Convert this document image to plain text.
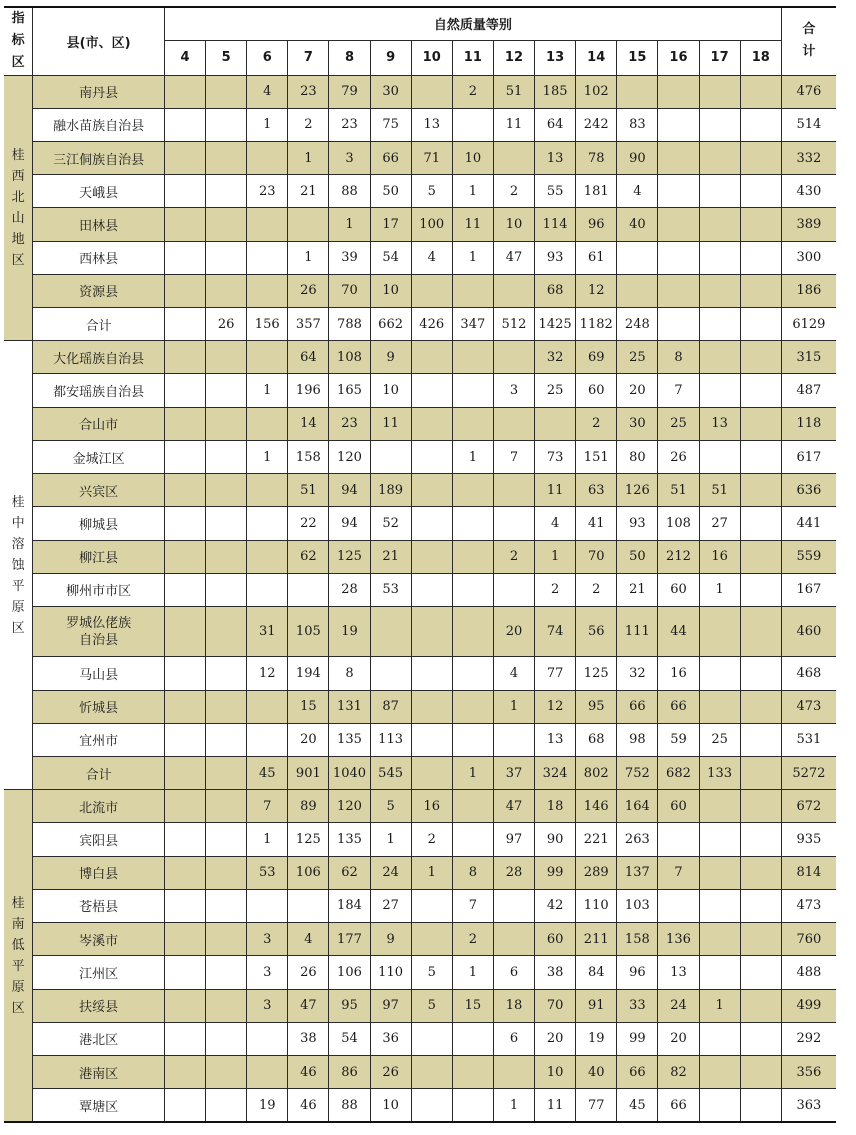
指标区	县(市、区)	自然质量等别															合计

		4	5	6	7	8	9	10	11	12	13	14	15	16	17	18	

桂西北山地区	南丹县			4	23	79	30		2	51	185	102					476
	融水苗族自治县			1	2	23	75	13		11	64	242	83				514
	三江侗族自治县				1	3	66	71	10		13	78	90				332
	天峨县			23	21	88	50	5	1	2	55	181	4				430
	田林县					1	17	100	11	10	114	96	40				389
	西林县				1	39	54	4	1	47	93	61					300
	资源县				26	70	10				68	12					186
	合计		26	156	357	788	662	426	347	512	1425	1182	248				6129

桂中溶蚀平原区	大化瑶族自治县				64	108	9				32	69	25	8			315
	都安瑶族自治县			1	196	165	10			3	25	60	20	7			487
	合山市				14	23	11					2	30	25	13		118
	金城江区			1	158	120			1	7	73	151	80	26			617
	兴宾区				51	94	189				11	63	126	51	51		636
	柳城县				22	94	52				4	41	93	108	27		441
	柳江县				62	125	21			2	1	70	50	212	16		559
	柳州市市区					28	53				2	2	21	60	1		167
	罗城仫佬族
自治县			31	105	19				20	74	56	111	44			460
	马山县			12	194	8				4	77	125	32	16			468
	忻城县				15	131	87			1	12	95	66	66			473
	宜州市				20	135	113				13	68	98	59	25		531
	合计			45	901	1040	545		1	37	324	802	752	682	133		5272

桂南低平原区	北流市			7	89	120	5	16		47	18	146	164	60			672
	宾阳县			1	125	135	1	2		97	90	221	263				935
	博白县			53	106	62	24	1	8	28	99	289	137	7			814
	苍梧县					184	27		7		42	110	103				473
	岑溪市			3	4	177	9		2		60	211	158	136			760
	江州区			3	26	106	110	5	1	6	38	84	96	13			488
	扶绥县			3	47	95	97	5	15	18	70	91	33	24	1		499
	港北区				38	54	36			6	20	19	99	20			292
	港南区				46	86	26				10	40	66	82			356
	覃塘区			19	46	88	10			1	11	77	45	66			363
